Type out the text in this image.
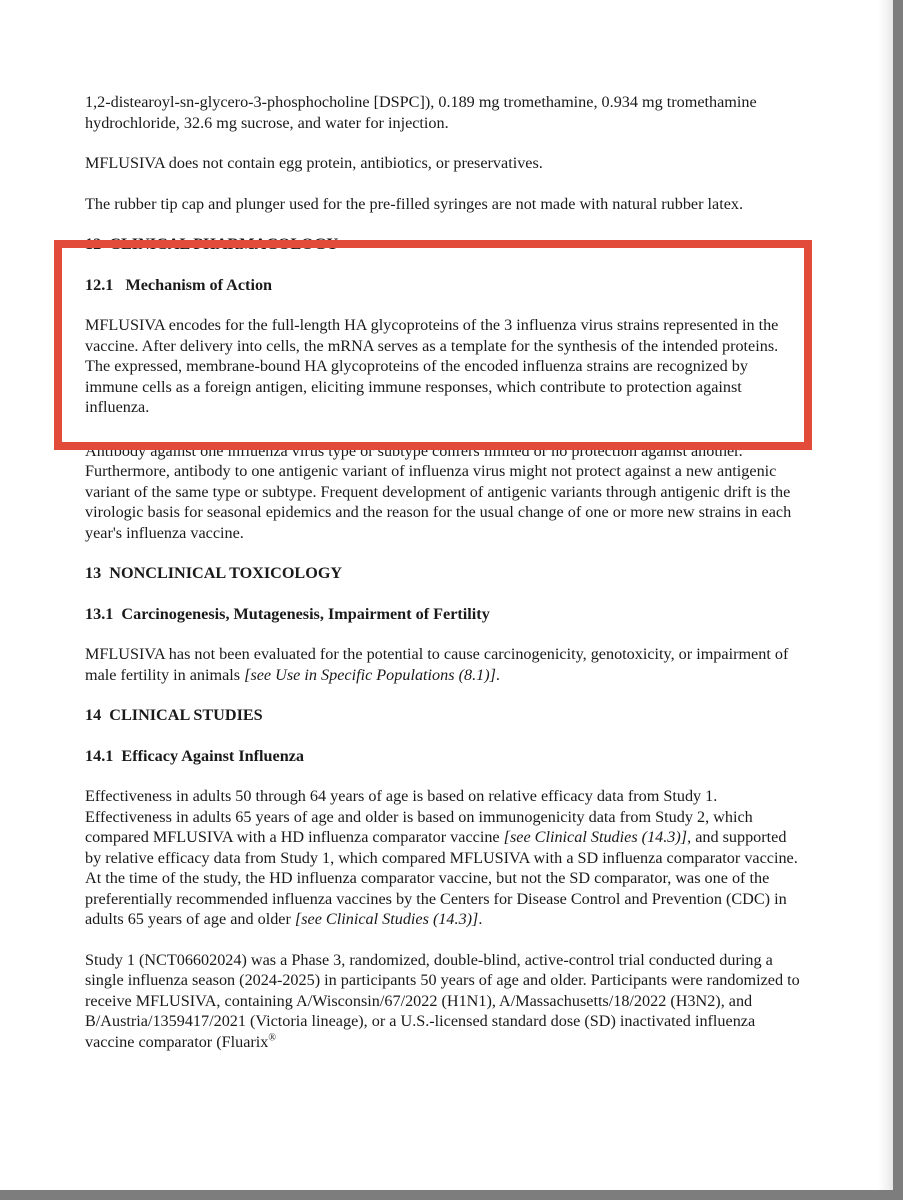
1,2-distearoyl-sn-glycero-3-phosphocholine [DSPC]), 0.189 mg tromethamine, 0.934 mg tromethamine hydrochloride, 32.6 mg sucrose, and water for injection.

MFLUSIVA does not contain egg protein, antibiotics, or preservatives.

The rubber tip cap and plunger used for the pre-filled syringes are not made with natural rubber latex.

12  CLINICAL PHARMACOLOGY

12.1   Mechanism of Action

MFLUSIVA encodes for the full-length HA glycoproteins of the 3 influenza virus strains represented in the vaccine. After delivery into cells, the mRNA serves as a template for the synthesis of the intended proteins. The expressed, membrane-bound HA glycoproteins of the encoded influenza strains are recognized by immune cells as a foreign antigen, eliciting immune responses, which contribute to protection against influenza.

Antibody against one influenza virus type or subtype confers limited or no protection against another. Furthermore, antibody to one antigenic variant of influenza virus might not protect against a new antigenic variant of the same type or subtype. Frequent development of antigenic variants through antigenic drift is the virologic basis for seasonal epidemics and the reason for the usual change of one or more new strains in each year's influenza vaccine.

13  NONCLINICAL TOXICOLOGY

13.1  Carcinogenesis, Mutagenesis, Impairment of Fertility

MFLUSIVA has not been evaluated for the potential to cause carcinogenicity, genotoxicity, or impairment of male fertility in animals [see Use in Specific Populations (8.1)].

14  CLINICAL STUDIES

14.1  Efficacy Against Influenza

Effectiveness in adults 50 through 64 years of age is based on relative efficacy data from Study 1. Effectiveness in adults 65 years of age and older is based on immunogenicity data from Study 2, which compared MFLUSIVA with a HD influenza comparator vaccine [see Clinical Studies (14.3)], and supported by relative efficacy data from Study 1, which compared MFLUSIVA with a SD influenza comparator vaccine. At the time of the study, the HD influenza comparator vaccine, but not the SD comparator, was one of the preferentially recommended influenza vaccines by the Centers for Disease Control and Prevention (CDC) in adults 65 years of age and older [see Clinical Studies (14.3)].

Study 1 (NCT06602024) was a Phase 3, randomized, double-blind, active-control trial conducted during a single influenza season (2024-2025) in participants 50 years of age and older. Participants were randomized to receive MFLUSIVA, containing A/Wisconsin/67/2022 (H1N1), A/Massachusetts/18/2022 (H3N2), and B/Austria/1359417/2021 (Victoria lineage), or a U.S.-licensed standard dose (SD) inactivated influenza vaccine comparator (Fluarix®
